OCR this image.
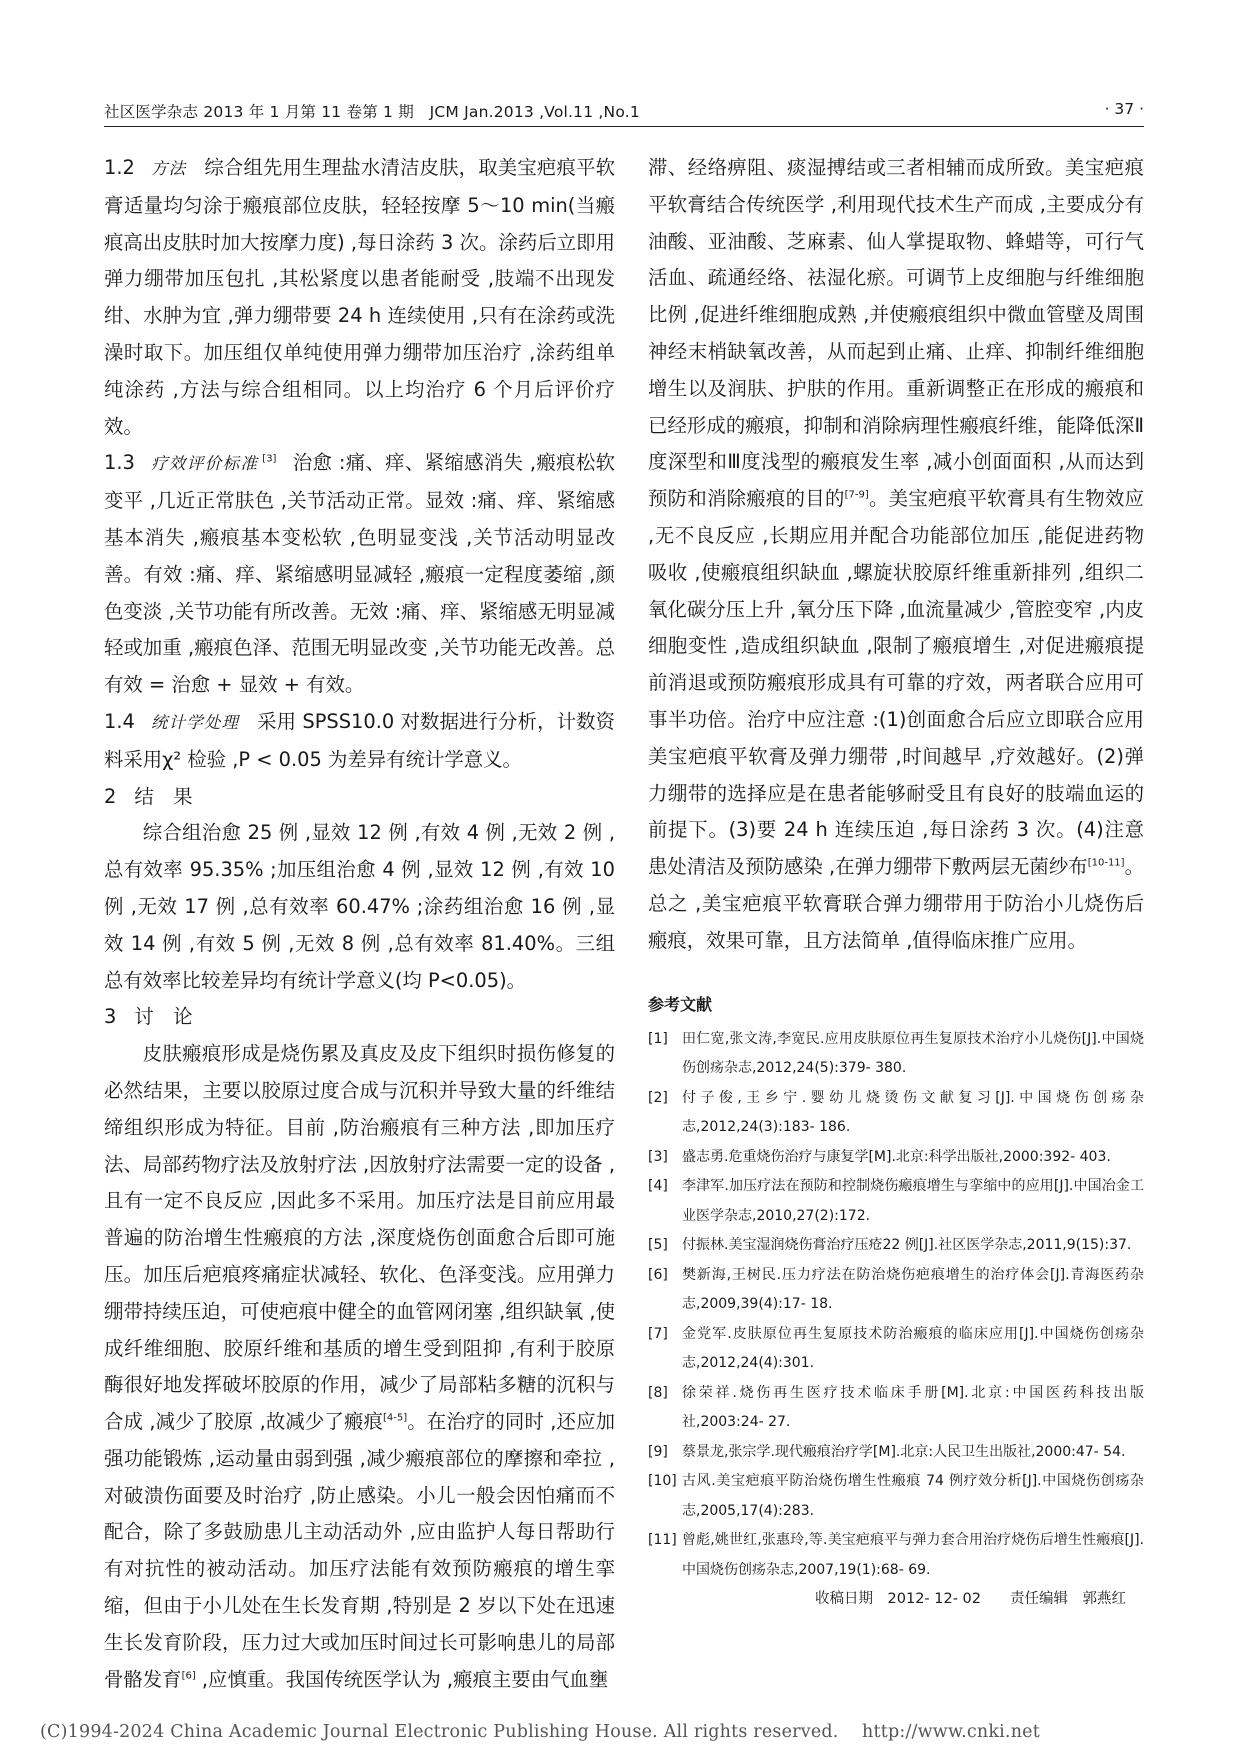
社区医学杂志 2013 年 1 月第 11 卷第 1 期　JCM Jan.2013 ,Vol.11 ,No.1	· 37 ·

1.2 方法 综合组先用生理盐水清洁皮肤，取美宝疤痕平软膏适量均匀涂于瘢痕部位皮肤，轻轻按摩 5～10 min(当瘢痕高出皮肤时加大按摩力度) ,每日涂药 3 次。涂药后立即用弹力绷带加压包扎 ,其松紧度以患者能耐受 ,肢端不出现发绀、水肿为宜 ,弹力绷带要 24 h 连续使用 ,只有在涂药或洗澡时取下。加压组仅单纯使用弹力绷带加压治疗 ,涂药组单纯涂药 ,方法与综合组相同。以上均治疗 6 个月后评价疗效。

1.3 疗效评价标准 [3] 治愈 :痛、痒、紧缩感消失 ,瘢痕松软变平 ,几近正常肤色 ,关节活动正常。显效 :痛、痒、紧缩感基本消失 ,瘢痕基本变松软 ,色明显变浅 ,关节活动明显改善。有效 :痛、痒、紧缩感明显减轻 ,瘢痕一定程度萎缩 ,颜色变淡 ,关节功能有所改善。无效 :痛、痒、紧缩感无明显减轻或加重 ,瘢痕色泽、范围无明显改变 ,关节功能无改善。总有效 = 治愈 + 显效 + 有效。

1.4 统计学处理 采用 SPSS10.0 对数据进行分析，计数资料采用χ² 检验 ,P < 0.05 为差异有统计学意义。

2 结　果

综合组治愈 25 例 ,显效 12 例 ,有效 4 例 ,无效 2 例 ,总有效率 95.35% ;加压组治愈 4 例 ,显效 12 例 ,有效 10 例 ,无效 17 例 ,总有效率 60.47% ;涂药组治愈 16 例 ,显效 14 例 ,有效 5 例 ,无效 8 例 ,总有效率 81.40%。三组总有效率比较差异均有统计学意义(均 P<0.05)。

3 讨　论

皮肤瘢痕形成是烧伤累及真皮及皮下组织时损伤修复的必然结果，主要以胶原过度合成与沉积并导致大量的纤维结缔组织形成为特征。目前 ,防治瘢痕有三种方法 ,即加压疗法、局部药物疗法及放射疗法 ,因放射疗法需要一定的设备 ,且有一定不良反应 ,因此多不采用。加压疗法是目前应用最普遍的防治增生性瘢痕的方法 ,深度烧伤创面愈合后即可施压。加压后疤痕疼痛症状减轻、软化、色泽变浅。应用弹力绷带持续压迫，可使疤痕中健全的血管网闭塞 ,组织缺氧 ,使成纤维细胞、胶原纤维和基质的增生受到阻抑 ,有利于胶原酶很好地发挥破坏胶原的作用，减少了局部粘多糖的沉积与合成 ,减少了胶原 ,故减少了瘢痕[4-5]。在治疗的同时 ,还应加强功能锻炼 ,运动量由弱到强 ,减少瘢痕部位的摩擦和牵拉 ,对破溃伤面要及时治疗 ,防止感染。小儿一般会因怕痛而不配合，除了多鼓励患儿主动活动外 ,应由监护人每日帮助行有对抗性的被动活动。加压疗法能有效预防瘢痕的增生挛缩，但由于小儿处在生长发育期 ,特别是 2 岁以下处在迅速生长发育阶段，压力过大或加压时间过长可影响患儿的局部骨骼发育[6] ,应慎重。我国传统医学认为 ,瘢痕主要由气血壅

滞、经络痹阻、痰湿搏结或三者相辅而成所致。美宝疤痕平软膏结合传统医学 ,利用现代技术生产而成 ,主要成分有油酸、亚油酸、芝麻素、仙人掌提取物、蜂蜡等，可行气活血、疏通经络、祛湿化瘀。可调节上皮细胞与纤维细胞比例 ,促进纤维细胞成熟 ,并使瘢痕组织中微血管壁及周围神经末梢缺氧改善，从而起到止痛、止痒、抑制纤维细胞增生以及润肤、护肤的作用。重新调整正在形成的瘢痕和已经形成的瘢痕，抑制和消除病理性瘢痕纤维，能降低深Ⅱ度深型和Ⅲ度浅型的瘢痕发生率 ,减小创面面积 ,从而达到预防和消除瘢痕的目的[7-9]。美宝疤痕平软膏具有生物效应 ,无不良反应 ,长期应用并配合功能部位加压 ,能促进药物吸收 ,使瘢痕组织缺血 ,螺旋状胶原纤维重新排列 ,组织二氧化碳分压上升 ,氧分压下降 ,血流量减少 ,管腔变窄 ,内皮细胞变性 ,造成组织缺血 ,限制了瘢痕增生 ,对促进瘢痕提前消退或预防瘢痕形成具有可靠的疗效，两者联合应用可事半功倍。治疗中应注意 :(1)创面愈合后应立即联合应用美宝疤痕平软膏及弹力绷带 ,时间越早 ,疗效越好。(2)弹力绷带的选择应是在患者能够耐受且有良好的肢端血运的前提下。(3)要 24 h 连续压迫 ,每日涂药 3 次。(4)注意患处清洁及预防感染 ,在弹力绷带下敷两层无菌纱布[10-11]。总之 ,美宝疤痕平软膏联合弹力绷带用于防治小儿烧伤后瘢痕，效果可靠，且方法简单 ,值得临床推广应用。

参考文献
[1]	田仁宽,张文涛,李宽民.应用皮肤原位再生复原技术治疗小儿烧伤[J].中国烧伤创疡杂志,2012,24(5):379- 380.
[2]	付子俊,王乡宁.婴幼儿烧烫伤文献复习[J].中国烧伤创疡杂志,2012,24(3):183- 186.
[3]	盛志勇.危重烧伤治疗与康复学[M].北京:科学出版社,2000:392- 403.
[4]	李津军.加压疗法在预防和控制烧伤瘢痕增生与挛缩中的应用[J].中国冶金工业医学杂志,2010,27(2):172.
[5]	付振林.美宝湿润烧伤膏治疗压疮22 例[J].社区医学杂志,2011,9(15):37.
[6]	樊新海,王树民.压力疗法在防治烧伤疤痕增生的治疗体会[J].青海医药杂志,2009,39(4):17- 18.
[7]	金党军.皮肤原位再生复原技术防治瘢痕的临床应用[J].中国烧伤创疡杂志,2012,24(4):301.
[8]	徐荣祥.烧伤再生医疗技术临床手册[M].北京:中国医药科技出版社,2003:24- 27.
[9]	蔡景龙,张宗学.现代瘢痕治疗学[M].北京:人民卫生出版社,2000:47- 54.
[10] 古风.美宝疤痕平防治烧伤增生性瘢痕 74 例疗效分析[J].中国烧伤创疡杂志,2005,17(4):283.
[11] 曾彪,姚世红,张惠玲,等.美宝疤痕平与弹力套合用治疗烧伤后增生性瘢痕[J].中国烧伤创疡杂志,2007,19(1):68- 69.
收稿日期　2012- 12- 02　　责任编辑　郭燕红
(C)1994-2024 China Academic Journal Electronic Publishing House. All rights reserved.　 http://www.cnki.net
